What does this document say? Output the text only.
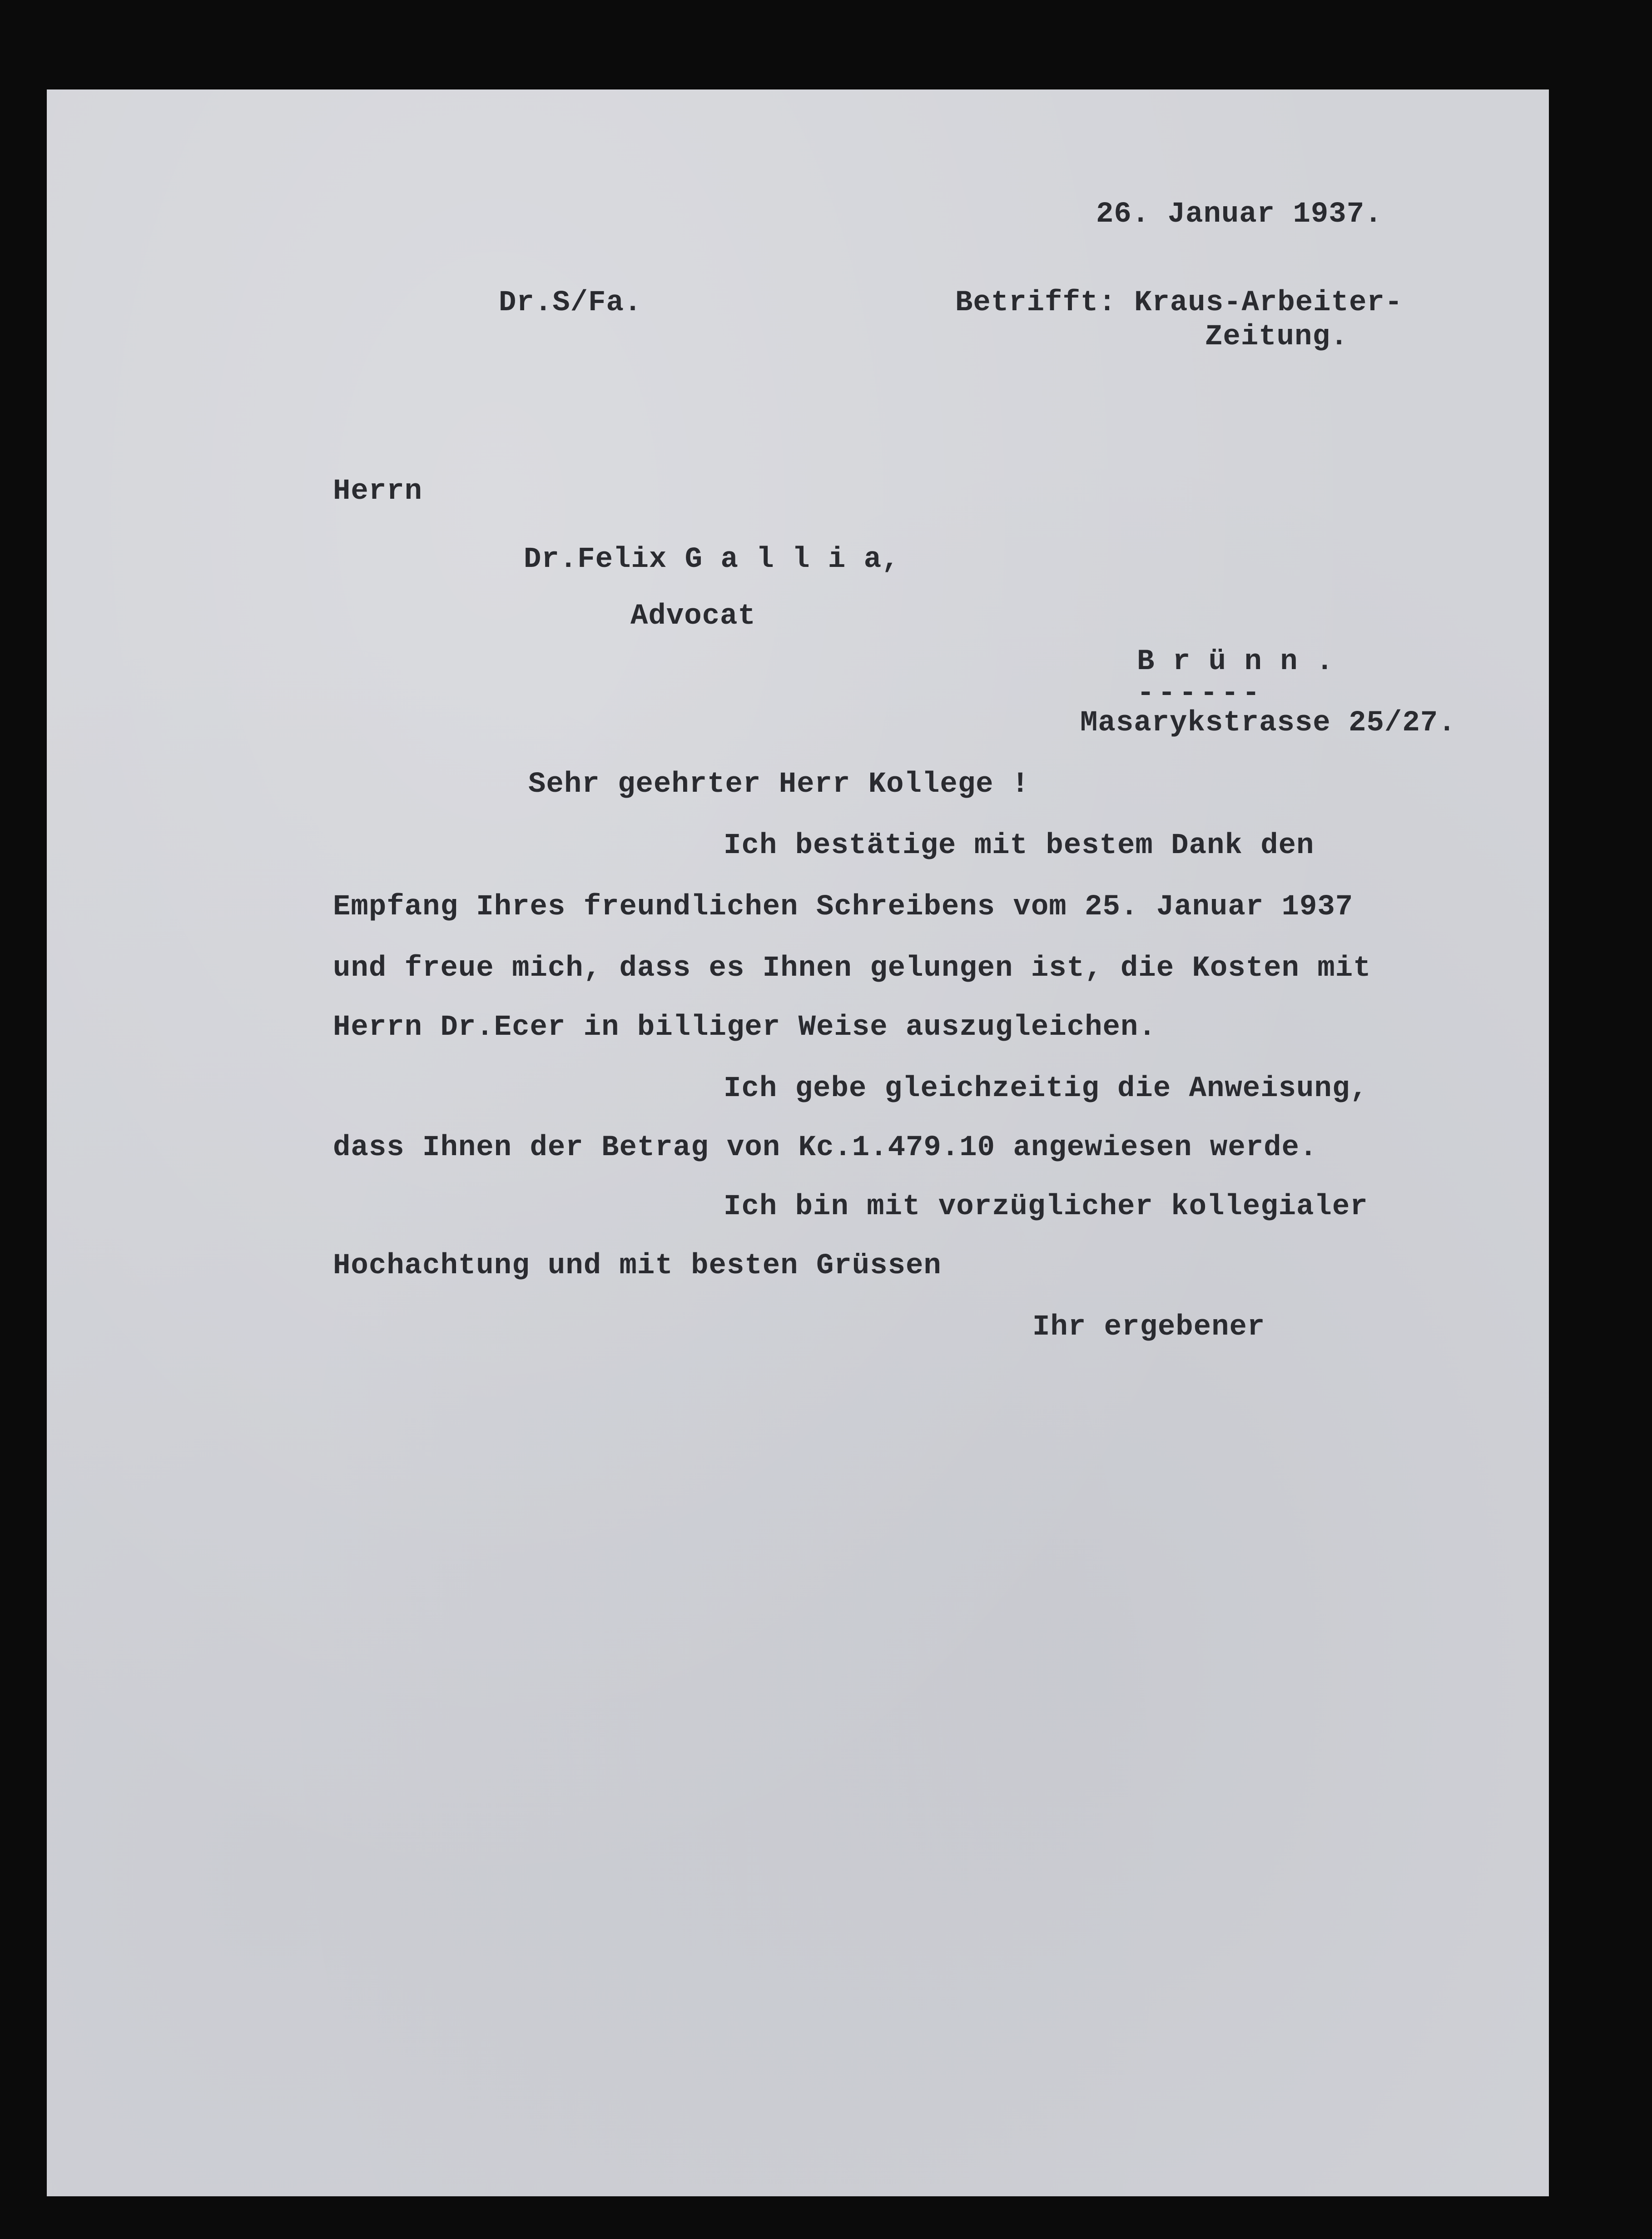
26. Januar 1937.
Dr.S/Fa.	Betrifft: Kraus-Arbeiter-
Zeitung.
Herrn
Dr.Felix G a l l i a,
Advocat
B r ü n n .
------
Masarykstrasse 25/27.
Sehr geehrter Herr Kollege !
Ich bestätige mit bestem Dank den
Empfang Ihres freundlichen Schreibens vom 25. Januar 1937
und freue mich, dass es Ihnen gelungen ist, die Kosten mit
Herrn Dr.Ecer in billiger Weise auszugleichen.
Ich gebe gleichzeitig die Anweisung,
dass Ihnen der Betrag von Kc.1.479.10 angewiesen werde.
Ich bin mit vorzüglicher kollegialer
Hochachtung und mit besten Grüssen
Ihr ergebener
